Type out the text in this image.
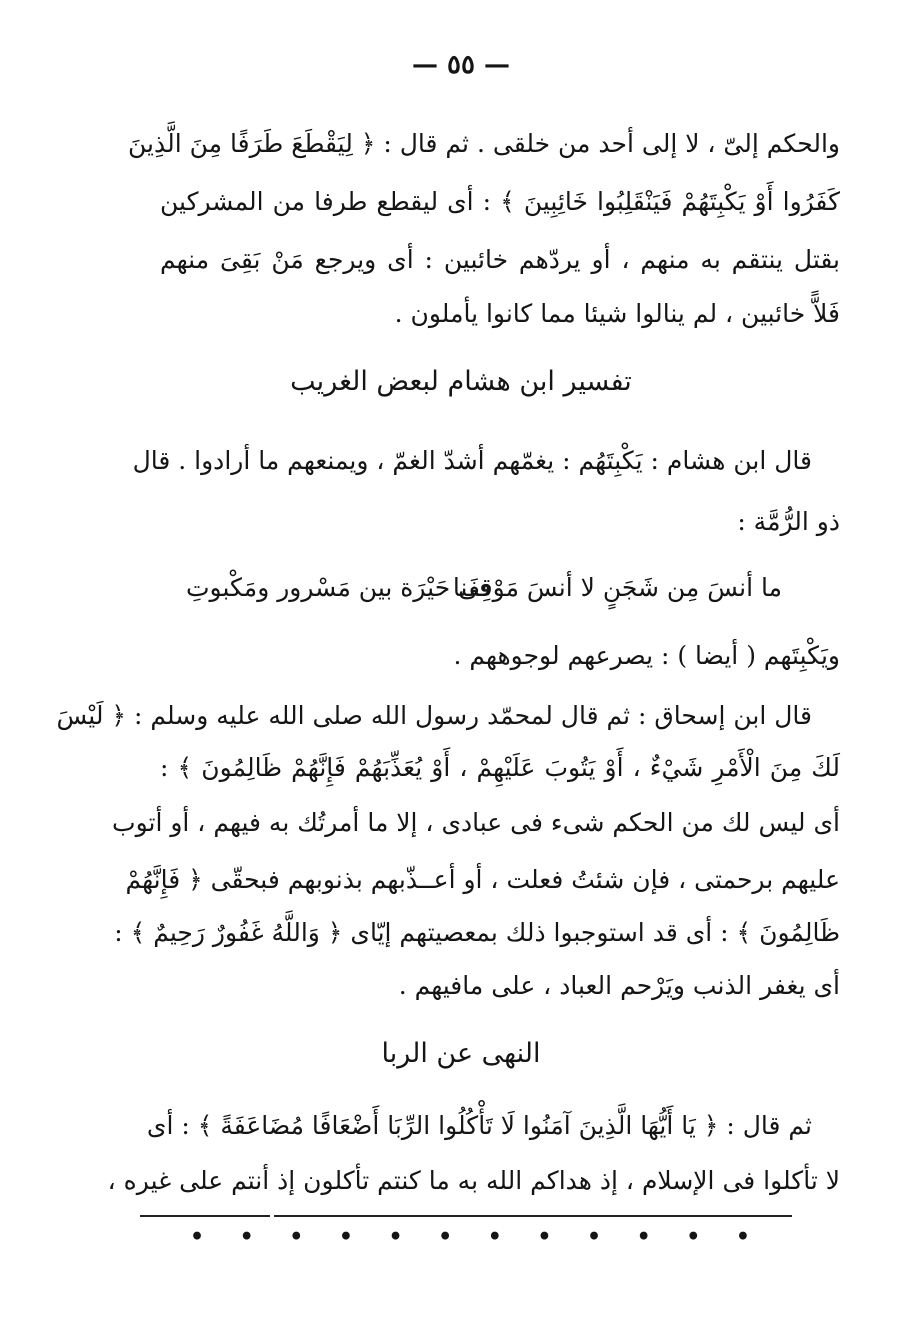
— ٥٥ —
والحكم إلىّ ، لا إلى أحد من خلقى . ثم قال : ﴿ لِيَقْطَعَ طَرَفًا مِنَ الَّذِينَ
كَفَرُوا أَوْ يَكْبِتَهُمْ فَيَنْقَلِبُوا خَائِبِينَ ﴾ : أى ليقطع طرفا من المشركين
بقتل ينتقم به منهم ، أو يردّهم خائبين : أى ويرجع مَنْ بَقِىَ منهم
فَلاًّ خائبين ، لم ينالوا شيئا مما كانوا يأملون .
تفسير ابن هشام لبعض الغريب
قال ابن هشام : يَكْبِتَهُم : يغمّهم أشدّ الغمّ ، ويمنعهم ما أرادوا . قال
ذو الرُّمَّة :
ما أنسَ مِن شَجَنٍ لا أنسَ مَوْقِفَنا
فى حَيْرَة بين مَسْرور ومَكْبوتِ
ويَكْبِتَهم ( أيضا ) : يصرعهم لوجوههم .
قال ابن إسحاق : ثم قال لمحمّد رسول الله صلى الله عليه وسلم : ﴿ لَيْسَ
لَكَ مِنَ الْأَمْرِ شَيْءٌ ، أَوْ يَتُوبَ عَلَيْهِمْ ، أَوْ يُعَذِّبَهُمْ فَإِنَّهُمْ ظَالِمُونَ ﴾ :
أى ليس لك من الحكم شىء فى عبادى ، إلا ما أمرتُك به فيهم ، أو أتوب
عليهم برحمتى ، فإن شئتُ فعلت ، أو أعــذّبهم بذنوبهم فبحقّى ﴿ فَإِنَّهُمْ
ظَالِمُونَ ﴾ : أى قد استوجبوا ذلك بمعصيتهم إيّاى ﴿ وَاللَّهُ غَفُورٌ رَحِيمٌ ﴾ :
أى يغفر الذنب ويَرْحم العباد ، على مافيهم .
النهى عن الربا
ثم قال : ﴿ يَا أَيُّهَا الَّذِينَ آمَنُوا لَا تَأْكُلُوا الرِّبَا أَضْعَافًا مُضَاعَفَةً ﴾ : أى
لا تأكلوا فى الإسلام ، إذ هداكم الله به ما كنتم تأكلون إذ أنتم على غيره ،
• • • • • • • • • • • •
